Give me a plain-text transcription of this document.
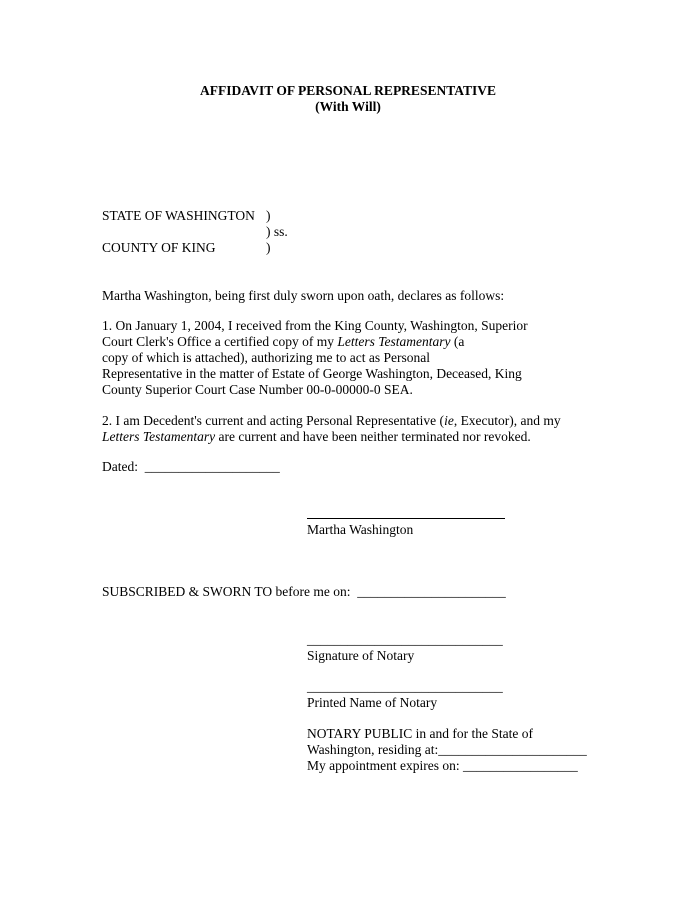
AFFIDAVIT OF PERSONAL REPRESENTATIVE
(With Will)
STATE OF WASHINGTON )
) ss.
COUNTY OF KING	)
Martha Washington, being first duly sworn upon oath, declares as follows:
1. On January 1, 2004, I received from the King County, Washington, Superior
Court Clerk's Office a certified copy of my Letters Testamentary (a
copy of which is attached), authorizing me to act as Personal
Representative in the matter of Estate of George Washington, Deceased, King
County Superior Court Case Number 00-0-00000-0 SEA.
2. I am Decedent's current and acting Personal Representative (ie, Executor), and my
Letters Testamentary are current and have been neither terminated nor revoked.
Dated: ____________________
Martha Washington
SUBSCRIBED & SWORN TO before me on: ______________________
_____________________________
Signature of Notary
_____________________________
Printed Name of Notary
NOTARY PUBLIC in and for the State of
Washington, residing at:______________________
My appointment expires on: _________________
